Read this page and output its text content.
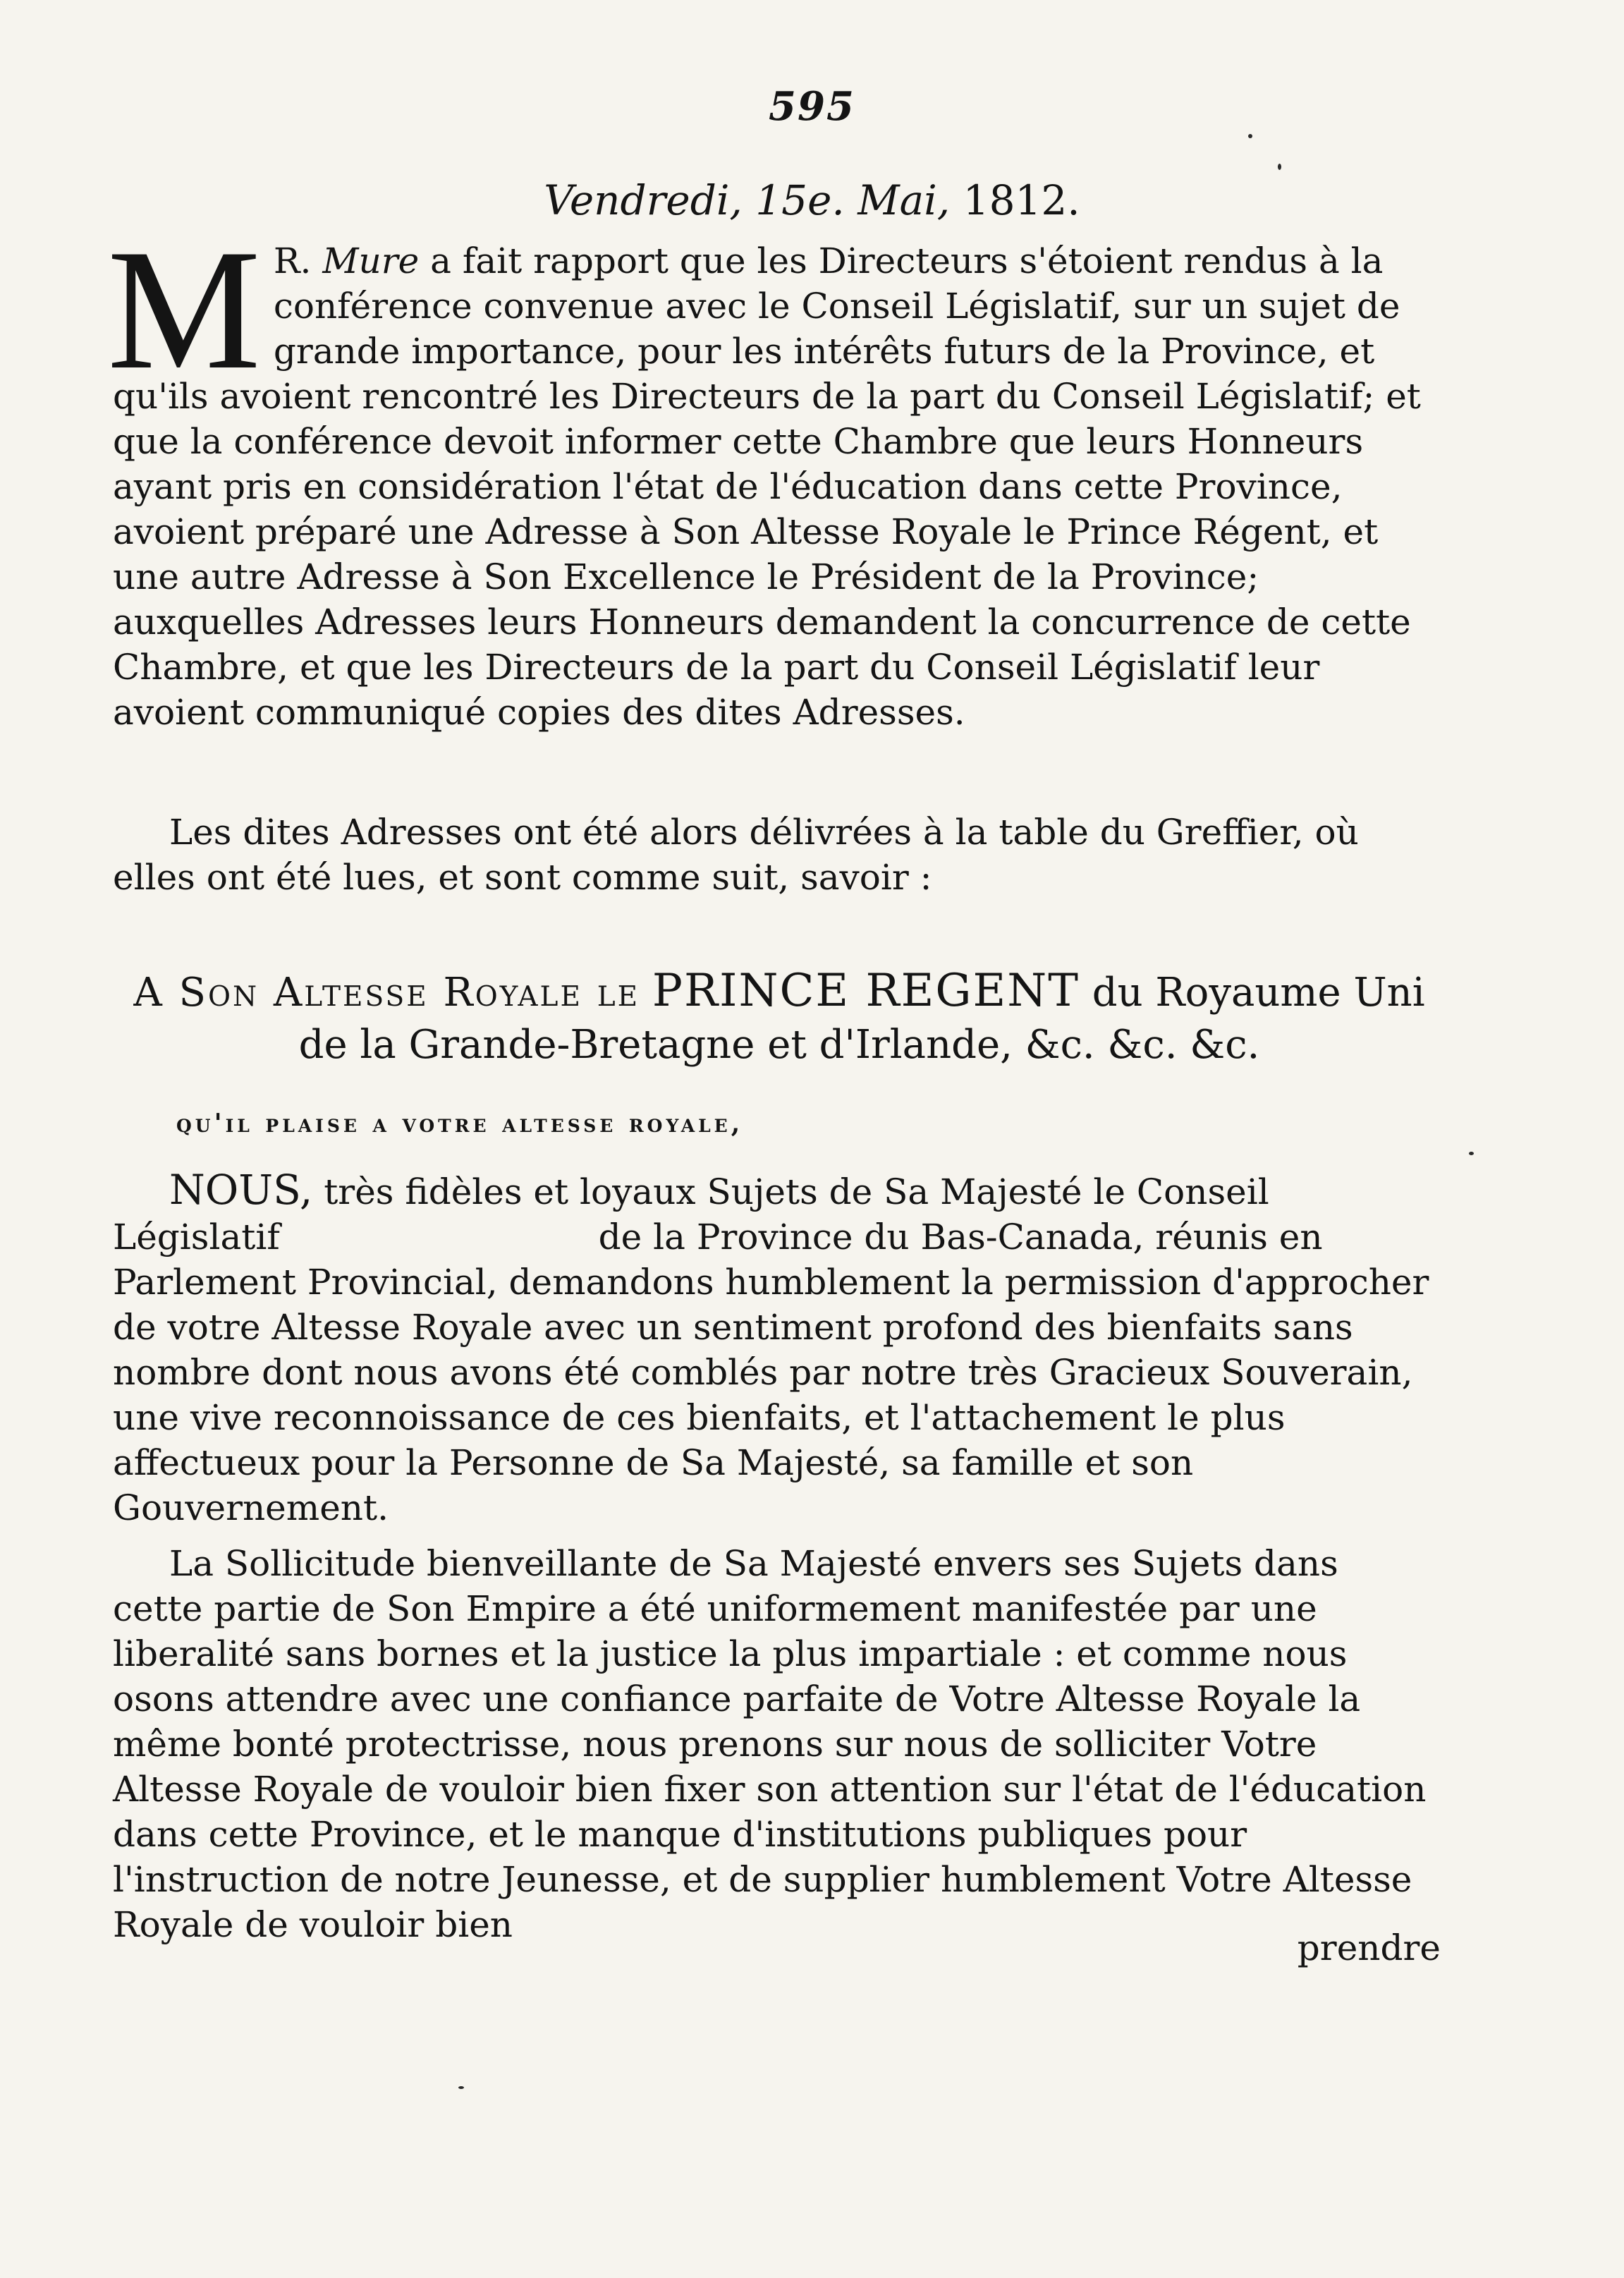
595
Vendredi, 15e. Mai, 1812.
M R. Mure a fait rapport que les Directeurs s'étoient rendus à la conférence convenue avec le Conseil Législatif, sur un sujet de grande importance, pour les intérêts futurs de la Province, et qu'ils avoient rencontré les Directeurs de la part du Conseil Législatif; et que la conférence devoit informer cette Chambre que leurs Honneurs ayant pris en considération l'état de l'éducation dans cette Province, avoient préparé une Adresse à Son Altesse Royale le Prince Régent, et une autre Adresse à Son Excellence le Président de la Province; auxquelles Adresses leurs Honneurs demandent la concurrence de cette Chambre, et que les Directeurs de la part du Conseil Législatif leur avoient communiqué copies des dites Adresses.

Les dites Adresses ont été alors délivrées à la table du Greffier, où elles ont été lues, et sont comme suit, savoir :

A Son Altesse Royale le PRINCE REGENT du Royaume Uni
de la Grande-Bretagne et d'Irlande, &c. &c. &c.
qu'il plaise a votre altesse royale,

NOUS, très fidèles et loyaux Sujets de Sa Majesté le Conseil Législatif	de la Province du Bas-Canada, réunis en Parlement Provincial, demandons humblement la permission d'approcher de votre Altesse Royale avec un sentiment profond des bienfaits sans nombre dont nous avons été comblés par notre très Gracieux Souverain, une vive reconnoissance de ces bienfaits, et l'attachement le plus affectueux pour la Personne de Sa Majesté, sa famille et son Gouvernement.

La Sollicitude bienveillante de Sa Majesté envers ses Sujets dans cette partie de Son Empire a été uniformement manifestée par une liberalité sans bornes et la justice la plus impartiale : et comme nous osons attendre avec une confiance parfaite de Votre Altesse Royale la même bonté protectrisse, nous prenons sur nous de solliciter Votre Altesse Royale de vouloir bien fixer son attention sur l'état de l'éducation dans cette Province, et le manque d'institutions publiques pour l'instruction de notre Jeunesse, et de supplier humblement Votre Altesse Royale de vouloir bien

prendre
